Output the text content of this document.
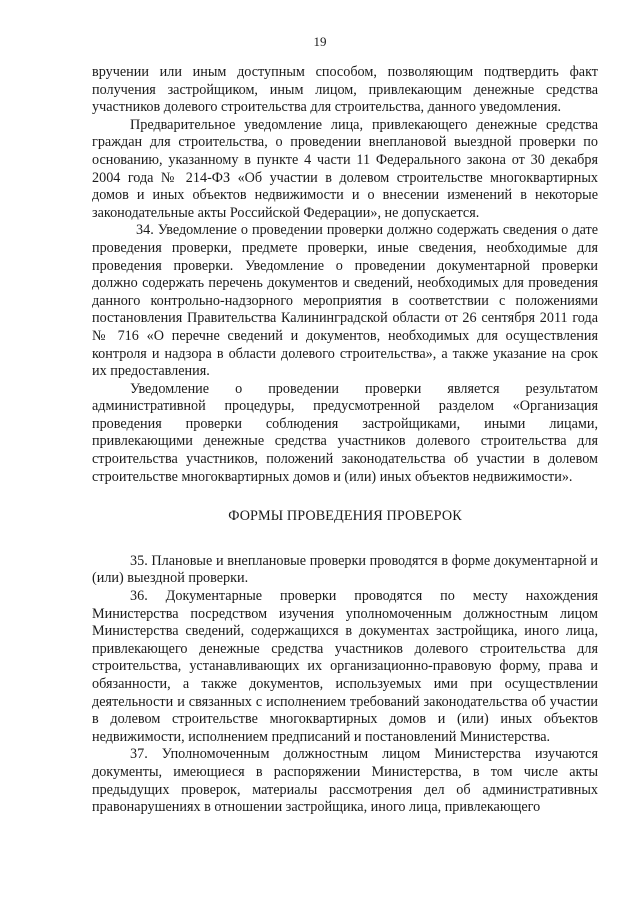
19

вручении или иным доступным способом, позволяющим подтвердить факт получения застройщиком, иным лицом, привлекающим денежные средства участников долевого строительства для строительства, данного уведомления.

Предварительное уведомление лица, привлекающего денежные средства граждан для строительства, о проведении внеплановой выездной проверки по основанию, указанному в пункте 4 части 11 Федерального закона от 30 декабря 2004 года № 214-ФЗ «Об участии в долевом строительстве многоквартирных домов и иных объектов недвижимости и о внесении изменений в некоторые законодательные акты Российской Федерации», не допускается.

34. Уведомление о проведении проверки должно содержать сведения о дате проведения проверки, предмете проверки, иные сведения, необходимые для проведения проверки. Уведомление о проведении документарной проверки должно содержать перечень документов и сведений, необходимых для проведения данного контрольно-надзорного мероприятия в соответствии с положениями постановления Правительства Калининградской области от 26 сентября 2011 года № 716 «О перечне сведений и документов, необходимых для осуществления контроля и надзора в области долевого строительства», а также указание на срок их предоставления.

Уведомление о проведении проверки является результатом административной процедуры, предусмотренной разделом «Организация проведения проверки соблюдения застройщиками, иными лицами, привлекающими денежные средства участников долевого строительства для строительства участников, положений законодательства об участии в долевом строительстве многоквартирных домов и (или) иных объектов недвижимости».

ФОРМЫ ПРОВЕДЕНИЯ ПРОВЕРОК

35. Плановые и внеплановые проверки проводятся в форме документарной и (или) выездной проверки.

36. Документарные проверки проводятся по месту нахождения Министерства посредством изучения уполномоченным должностным лицом Министерства сведений, содержащихся в документах застройщика, иного лица, привлекающего денежные средства участников долевого строительства для строительства, устанавливающих их организационно-правовую форму, права и обязанности, а также документов, используемых ими при осуществлении деятельности и связанных с исполнением требований законодательства об участии в долевом строительстве многоквартирных домов и (или) иных объектов недвижимости, исполнением предписаний и постановлений Министерства.

37. Уполномоченным должностным лицом Министерства изучаются документы, имеющиеся в распоряжении Министерства, в том числе акты предыдущих проверок, материалы рассмотрения дел об административных правонарушениях в отношении застройщика, иного лица, привлекающего
